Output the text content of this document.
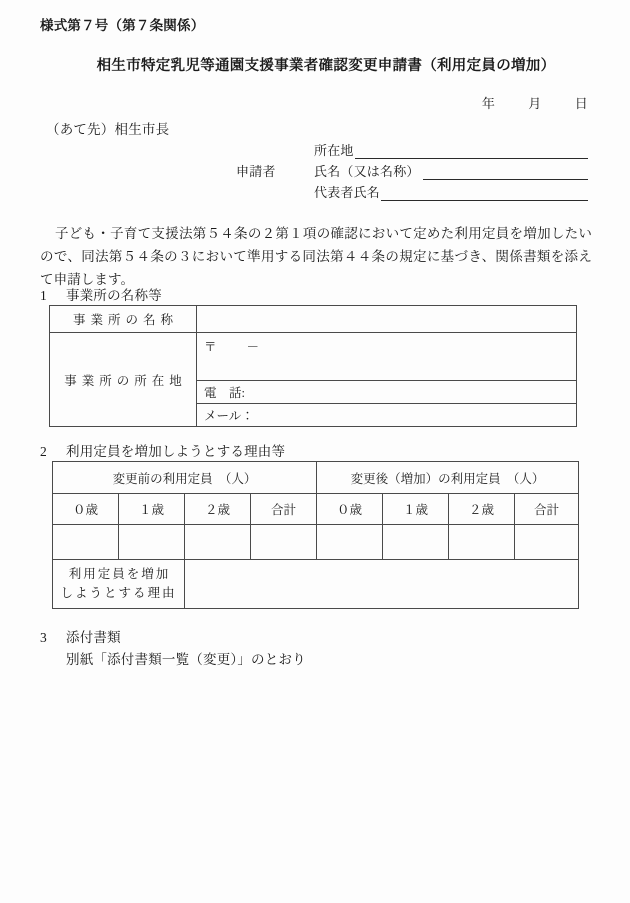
様式第７号（第７条関係）
相生市特定乳児等通園支援事業者確認変更申請書（利用定員の増加）
年	月	日
（あて先）相生市長
所在地
申請者	氏名（又は名称）
代表者氏名
子ども・子育て支援法第５４条の２第１項の確認において定めた利用定員を増加したいので、同法第５４条の３において準用する同法第４４条の規定に基づき、関係書類を添えて申請します。
1 事業所の名称等
事業所の名称	

事業所の所在地	〒 －

	電　話:

	メール：
2 利用定員を増加しようとする理由等
変更前の利用定員　（人）				変更後（増加）の利用定員　（人）			
０歳	１歳	２歳	合計	０歳	１歳	２歳	合計

利用定員を増加
しようとする理由							

3 添付書類
別紙「添付書類一覧（変更）」のとおり
